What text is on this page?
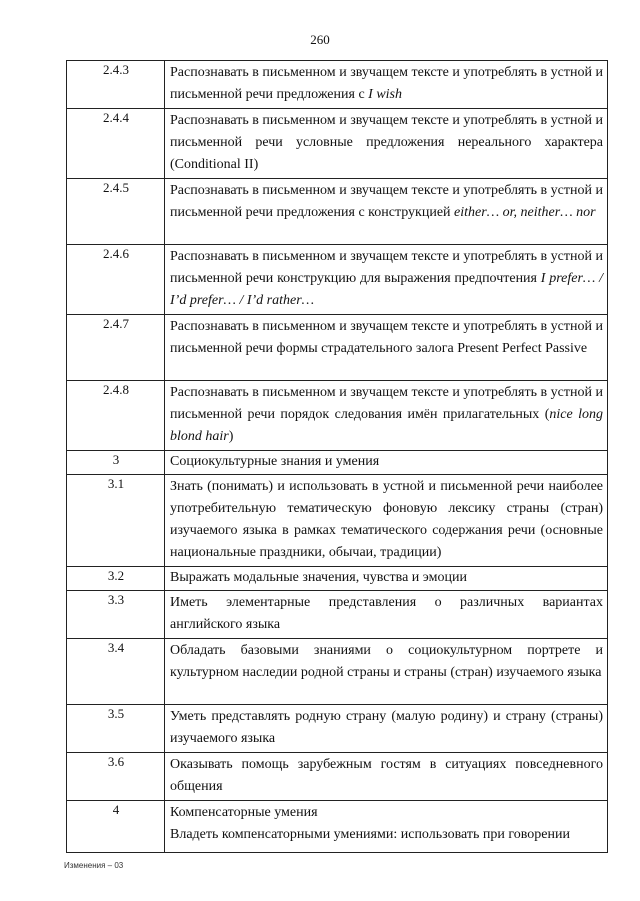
260
2.4.3	Распознавать в письменном и звучащем тексте и употреблять в устной и письменной речи предложения с I wish

2.4.4	Распознавать в письменном и звучащем тексте и употреблять в устной и письменной речи условные предложения нереального характера (Conditional II)

2.4.5	Распознавать в письменном и звучащем тексте и употреблять в устной и письменной речи предложения с конструкцией either… or, neither… nor

2.4.6	Распознавать в письменном и звучащем тексте и употреблять в устной и письменной речи конструкцию для выражения предпочтения I prefer… / I’d prefer… / I’d rather…

2.4.7	Распознавать в письменном и звучащем тексте и употреблять в устной и письменной речи формы страдательного залога Present Perfect Passive

2.4.8	Распознавать в письменном и звучащем тексте и употреблять в устной и письменной речи порядок следования имён прилагательных (nice long blond hair)

3	Социокультурные знания и умения

3.1	Знать (понимать) и использовать в устной и письменной речи наиболее употребительную тематическую фоновую лексику страны (стран) изучаемого языка в рамках тематического содержания речи (основные национальные праздники, обычаи, традиции)

3.2	Выражать модальные значения, чувства и эмоции

3.3	Иметь элементарные представления о различных вариантах английского языка

3.4	Обладать базовыми знаниями о социокультурном портрете и культурном наследии родной страны и страны (стран) изучаемого языка

3.5	Уметь представлять родную страну (малую родину) и страну (страны) изучаемого языка

3.6	Оказывать помощь зарубежным гостям в ситуациях повседневного общения

4	Компенсаторные умения
Владеть компенсаторными умениями: использовать при говорении
Изменения – 03
